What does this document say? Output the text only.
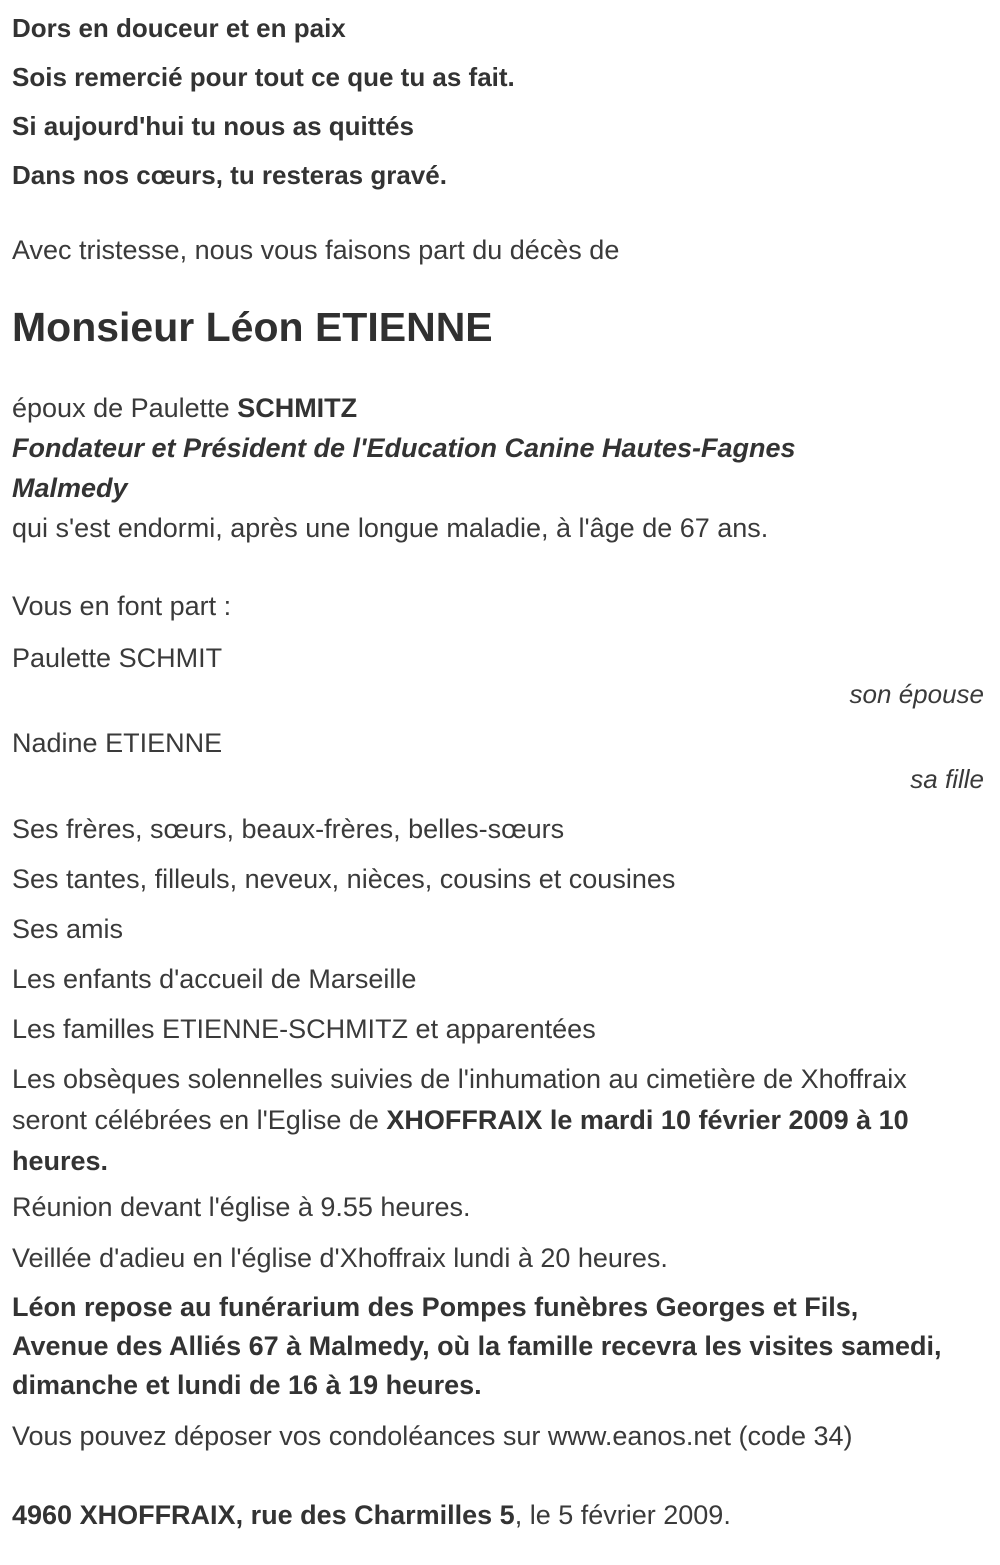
Dors en douceur et en paix

Sois remercié pour tout ce que tu as fait.

Si aujourd'hui tu nous as quittés

Dans nos cœurs, tu resteras gravé.

Avec tristesse, nous vous faisons part du décès de

Monsieur Léon ETIENNE

époux de Paulette SCHMITZ

Fondateur et Président de l'Education Canine Hautes-Fagnes Malmedy

qui s'est endormi, après une longue maladie, à l'âge de 67 ans.

Vous en font part :

Paulette SCHMIT

son épouse

Nadine ETIENNE

sa fille

Ses frères, sœurs, beaux-frères, belles-sœurs

Ses tantes, filleuls, neveux, nièces, cousins et cousines

Ses amis

Les enfants d'accueil de Marseille

Les familles ETIENNE-SCHMITZ et apparentées

Les obsèques solennelles suivies de l'inhumation au cimetière de Xhoffraix seront célébrées en l'Eglise de XHOFFRAIX le mardi 10 février 2009 à 10 heures.

Réunion devant l'église à 9.55 heures.

Veillée d'adieu en l'église d'Xhoffraix lundi à 20 heures.

Léon repose au funérarium des Pompes funèbres Georges et Fils, Avenue des Alliés 67 à Malmedy, où la famille recevra les visites samedi, dimanche et lundi de 16 à 19 heures.

Vous pouvez déposer vos condoléances sur www.eanos.net (code 34)

4960 XHOFFRAIX, rue des Charmilles 5, le 5 février 2009.
